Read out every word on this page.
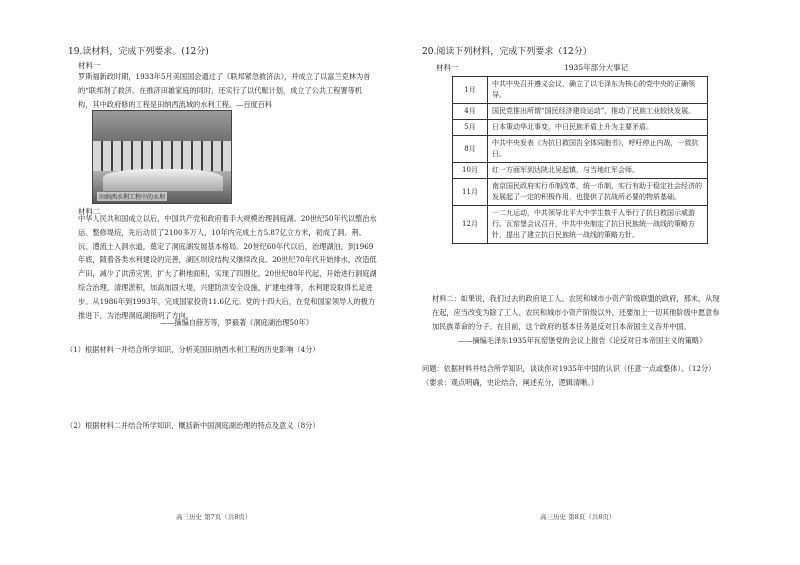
19.读材料，完成下列要求。(12分)
材料一
罗斯福新政时期，1933年5月美国国会通过了《联邦紧急救济法》，并成立了以富兰克林为首的“联邦剂了救济。在推济田雄家庭的同时，还实行了以代赈计划，成立了公共工程署等机构，其中政府修的工程是田纳西流域的水利工程。—百度百科
田纳西水利工程中的水坝
材料二
中华人民共和国成立以后，中国共产党和政府着手大规模治理洞庭湖。20世纪50年代以整治水运、整修堤垸，先后动员了2100多万人，10年内完成土方5.87亿立方米，初成了洞、荆、沅、澧流土入洞水道，奠定了洞庭湖发展基本格局。20世纪60年代以后，治理湖泊，到1969年底，随着各类水利建设的完善，湖区坝垸结构又继续改良。20世纪70年代开始排水，改造低产田，减少了洪涝灾害，扩大了耕地面积，实现了四围化。20世纪80年代起，开始进行洞庭湖综合治理，清理淤积，加高加固大堤，兴建防洪安全设施，扩建电排等，水利建设取得长足进步。从1986年到1993年，完成国家投资11.6亿元。党的十四大后，在党和国家领导人的极力推进下，为治理洞庭湖指明了方向。
——摘编自薛芳等，罗毅著《洞庭湖治理50年》
（1）根据材料一并结合所学知识，分析美国田纳西水利工程的历史影响（4分）
（2）根据材料二并结合所学知识，概括新中国洞庭湖治理的特点及意义（8分）
高三历史 第7页（共8页）
20.阅读下列材料，完成下列要求（12分）
材料一	1935年部分大事记
1月	中共中央召开遵义会议，确立了以毛泽东为核心的党中央的正确领导。
4月	国民党推出所谓“国民经济建设运动”，推动了民族工业较快发展。
5月	日本策动华北事变，中日民族矛盾上升为主要矛盾。
8月	中共中央发表《为抗日救国告全体同胞书》，呼吁停止内战，一致抗日。
10月	红一方面军到达陕北吴起镇，与当地红军会师。
11月	南京国民政府实行币制改革，统一币制，实行有助于稳定社会经济的发展起了一定的积极作用，也提供了抗战所必要的物质基础。
12月	一二九运动，中共领导北平大中学生数千人举行了抗日救国示威游行。瓦窑堡会议召开，中共中央制定了抗日民族统一战线的策略方针，提出了建立抗日民族统一战线的策略方针。
材料二：如果说，我们过去的政府是工人、农民和城市小资产阶级联盟的政府，那末，从现在起，应当改变为除了工人、农民和城市小资产阶级以外，还要加上一切其他阶级中愿意参加民族革命的分子。在目前，这个政府的基本任务是反对日本帝国主义吞并中国。
——摘编毛泽东1935年瓦窑堡党的会议上报告《论反对日本帝国主义的策略》
问题：依据材料并结合所学知识，谈谈你对1935年中国的认识（任意一点或整体）。（12分）（要求：观点明确，史论结合，阐述充分，逻辑清晰。）
高三历史 第8页（共8页）
